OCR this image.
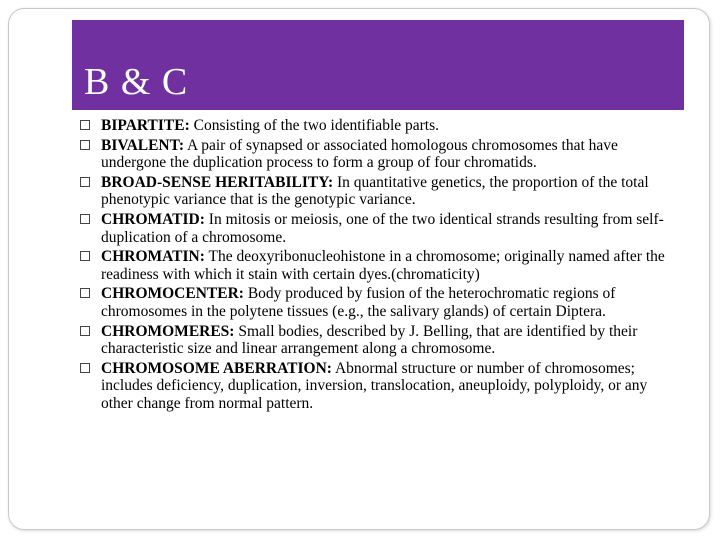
B & C
BIPARTITE: Consisting of the two identifiable parts.
BIVALENT: A pair of synapsed or associated homologous chromosomes that have undergone the duplication process to form a group of four chromatids.
BROAD-SENSE HERITABILITY: In quantitative genetics, the proportion of the total phenotypic variance that is the genotypic variance.
CHROMATID: In mitosis or meiosis, one of the two identical strands resulting from self-duplication of a chromosome.
CHROMATIN: The deoxyribonucleohistone in a chromosome; originally named after the readiness with which it stain with certain dyes.(chromaticity)
CHROMOCENTER: Body produced by fusion of the heterochromatic regions of chromosomes in the polytene tissues (e.g., the salivary glands) of certain Diptera.
CHROMOMERES: Small bodies, described by J. Belling, that are identified by their characteristic size and linear arrangement along a chromosome.
CHROMOSOME ABERRATION: Abnormal structure or number of chromosomes; includes deficiency, duplication, inversion, translocation, aneuploidy, polyploidy, or any other change from normal pattern.
